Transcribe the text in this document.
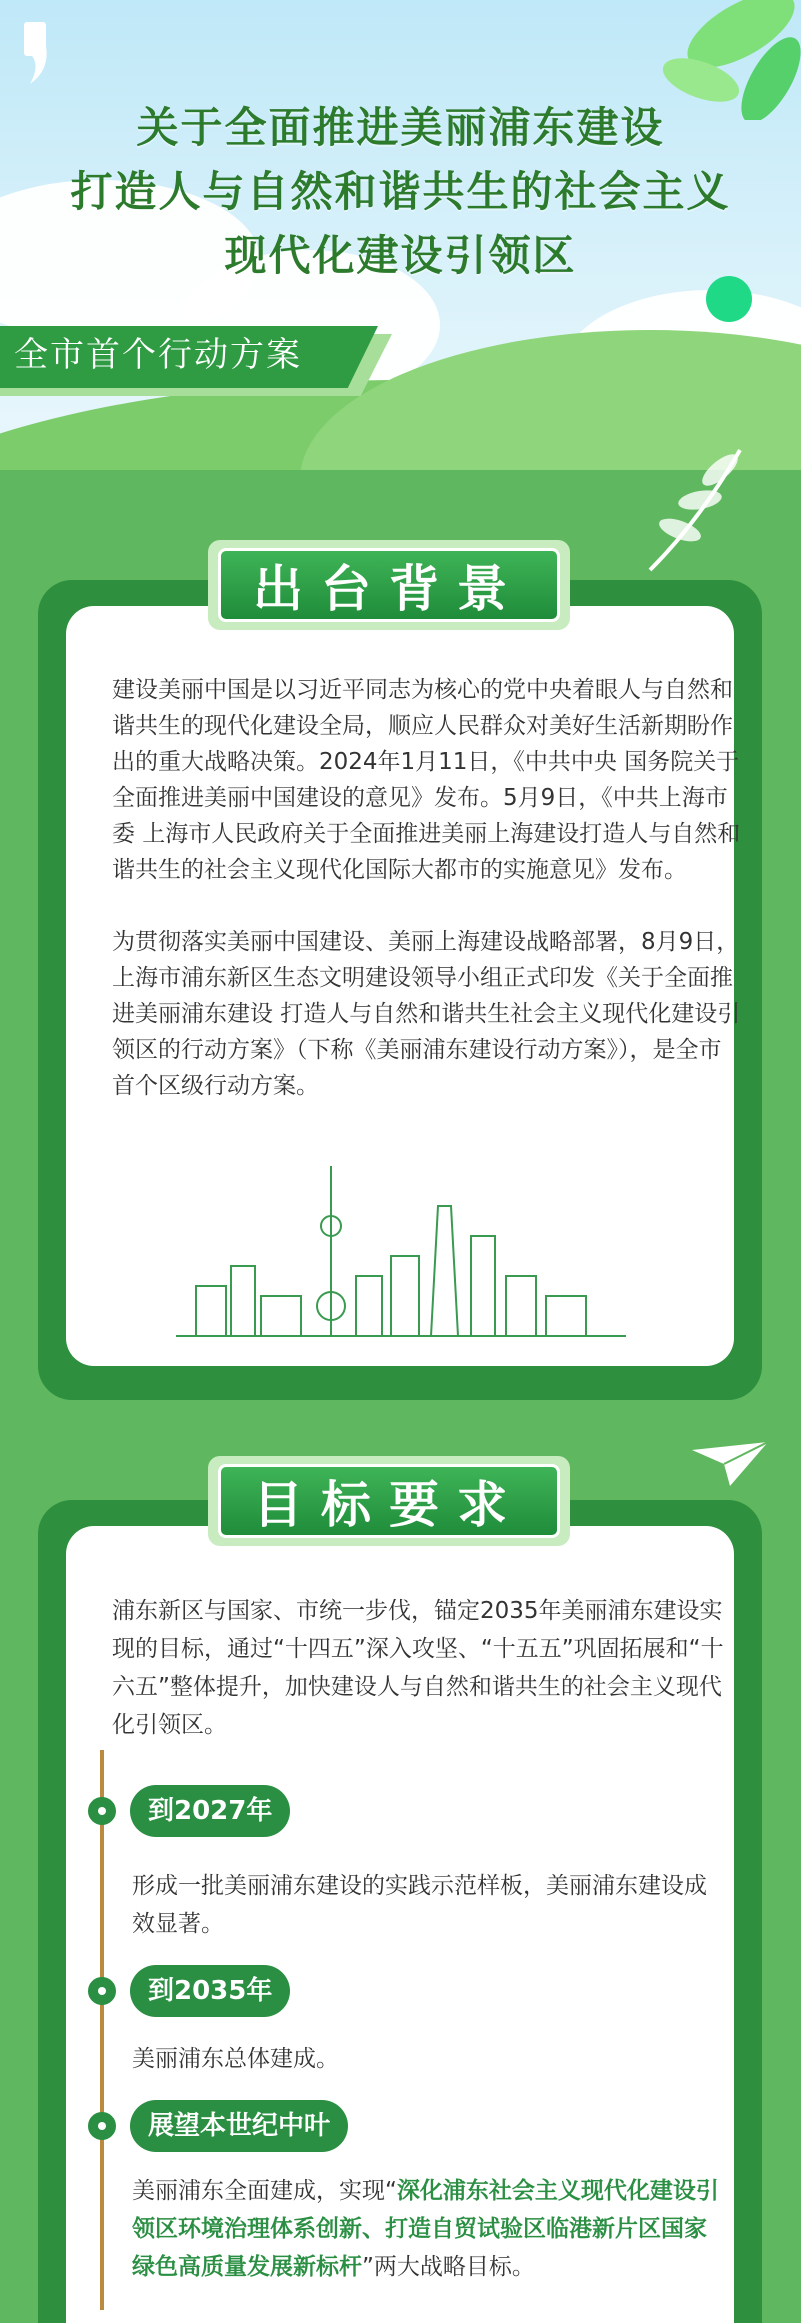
关于全面推进美丽浦东建设
打造人与自然和谐共生的社会主义
现代化建设引领区
全市首个行动方案

建设美丽中国是以习近平同志为核心的党中央着眼人与自然和谐共生的现代化建设全局，顺应人民群众对美好生活新期盼作出的重大战略决策。2024年1月11日，《中共中央 国务院关于全面推进美丽中国建设的意见》发布。5月9日，《中共上海市委 上海市人民政府关于全面推进美丽上海建设打造人与自然和谐共生的社会主义现代化国际大都市的实施意见》发布。

为贯彻落实美丽中国建设、美丽上海建设战略部署，8月9日，上海市浦东新区生态文明建设领导小组正式印发《关于全面推进美丽浦东建设 打造人与自然和谐共生社会主义现代化建设引领区的行动方案》（下称《美丽浦东建设行动方案》），是全市首个区级行动方案。

出台背景
浦东新区与国家、市统一步伐，锚定2035年美丽浦东建设实现的目标，通过“十四五”深入攻坚、“十五五”巩固拓展和“十六五”整体提升，加快建设人与自然和谐共生的社会主义现代化引领区。
目标要求
到2027年
形成一批美丽浦东建设的实践示范样板，美丽浦东建设成效显著。
到2035年
美丽浦东总体建成。
展望本世纪中叶
美丽浦东全面建成，实现“深化浦东社会主义现代化建设引领区环境治理体系创新、打造自贸试验区临港新片区国家绿色高质量发展新标杆”两大战略目标。
